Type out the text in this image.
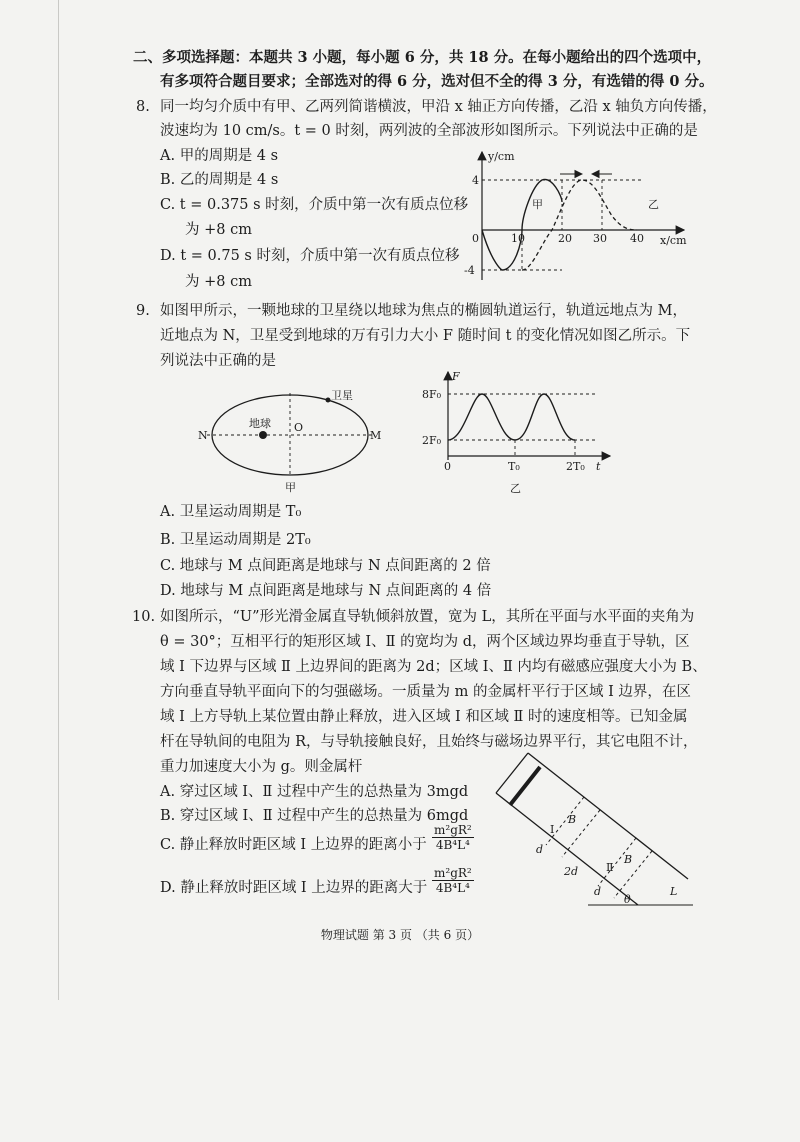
二、多项选择题：本题共 3 小题，每小题 6 分，共 18 分。在每小题给出的四个选项中，
有多项符合题目要求；全部选对的得 6 分，选对但不全的得 3 分，有选错的得 0 分。
8. 同一均匀介质中有甲、乙两列简谐横波，甲沿 x 轴正方向传播，乙沿 x 轴负方向传播，
波速均为 10 cm/s。t = 0 时刻，两列波的全部波形如图所示。下列说法中正确的是
A. 甲的周期是 4 s
B. 乙的周期是 4 s
C. t = 0.375 s 时刻，介质中第一次有质点位移
为 +8 cm
D. t = 0.75 s 时刻，介质中第一次有质点位移
为 +8 cm
y/cm
x/cm
4
-4
0	10	20 30 40
甲	乙
9. 如图甲所示，一颗地球的卫星绕以地球为焦点的椭圆轨道运行，轨道远地点为 M，
近地点为 N，卫星受到地球的万有引力大小 F 随时间 t 的变化情况如图乙所示。下
列说法中正确的是
卫星
地球
N
O
M
甲
F
t
8F₀
2F₀
0	T₀	2T₀
乙
A. 卫星运动周期是 T₀
B. 卫星运动周期是 2T₀
C. 地球与 M 点间距离是地球与 N 点间距离的 2 倍
D. 地球与 M 点间距离是地球与 N 点间距离的 4 倍
10. 如图所示，“U”形光滑金属直导轨倾斜放置，宽为 L，其所在平面与水平面的夹角为
θ = 30°；互相平行的矩形区域 Ⅰ、Ⅱ 的宽均为 d，两个区域边界均垂直于导轨，区
域 Ⅰ 下边界与区域 Ⅱ 上边界间的距离为 2d；区域 Ⅰ、Ⅱ 内均有磁感应强度大小为 B、
方向垂直导轨平面向下的匀强磁场。一质量为 m 的金属杆平行于区域 Ⅰ 边界，在区
域 Ⅰ 上方导轨上某位置由静止释放，进入区域 Ⅰ 和区域 Ⅱ 时的速度相等。已知金属
杆在导轨间的电阻为 R，与导轨接触良好，且始终与磁场边界平行，其它电阻不计，
重力加速度大小为 g。则金属杆
A. 穿过区域 Ⅰ、Ⅱ 过程中产生的总热量为 3mgd
B. 穿过区域 Ⅰ、Ⅱ 过程中产生的总热量为 6mgd
C. 静止释放时距区域 Ⅰ 上边界的距离小于 $\frac{\text{m²gR²}}{\text{4B⁴L⁴}}$
D. 静止释放时距区域 Ⅰ 上边界的距离大于 $\frac{\text{m²gR²}}{\text{4B⁴L⁴}}$
Ⅰ
B
d
2d	Ⅱ
B
d	L
θ
物理试题 第 3 页 （共 6 页）
